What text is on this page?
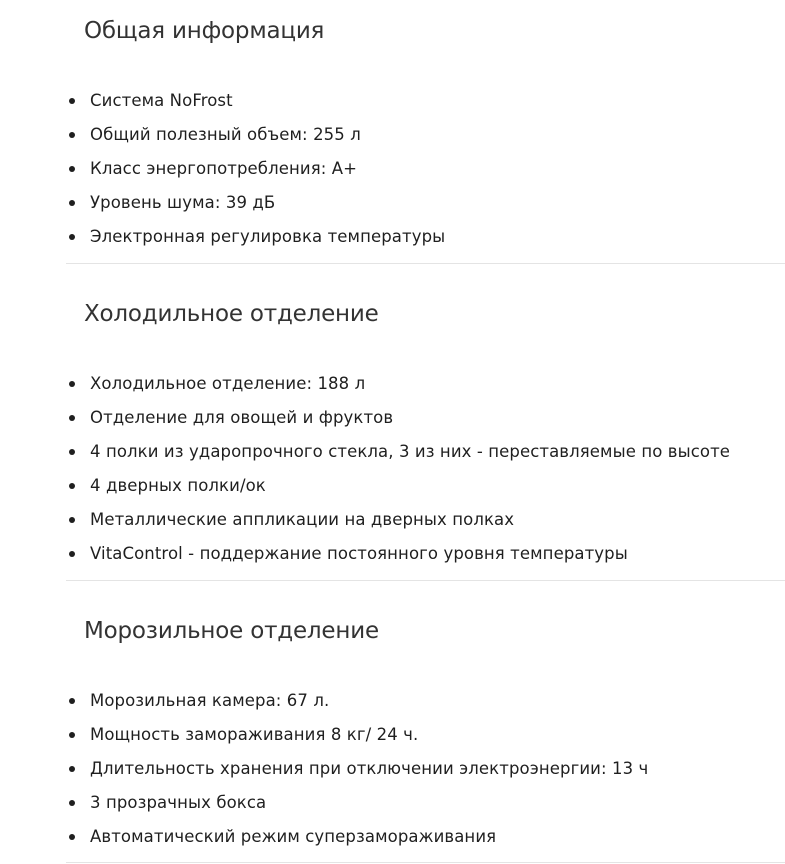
Общая информация
Система NoFrost
Общий полезный объем: 255 л
Класс энергопотребления: A+
Уровень шума: 39 дБ
Электронная регулировка температуры
Холодильное отделение
Холодильное отделение: 188 л
Отделение для овощей и фруктов
4 полки из ударопрочного стекла, 3 из них - переставляемые по высоте
4 дверных полки/ок
Металлические аппликации на дверных полках
VitaControl - поддержание постоянного уровня температуры
Морозильное отделение
Морозильная камера: 67 л.
Мощность замораживания 8 кг/ 24 ч.
Длительность хранения при отключении электроэнергии: 13 ч
3 прозрачных бокса
Автоматический режим суперзамораживания
